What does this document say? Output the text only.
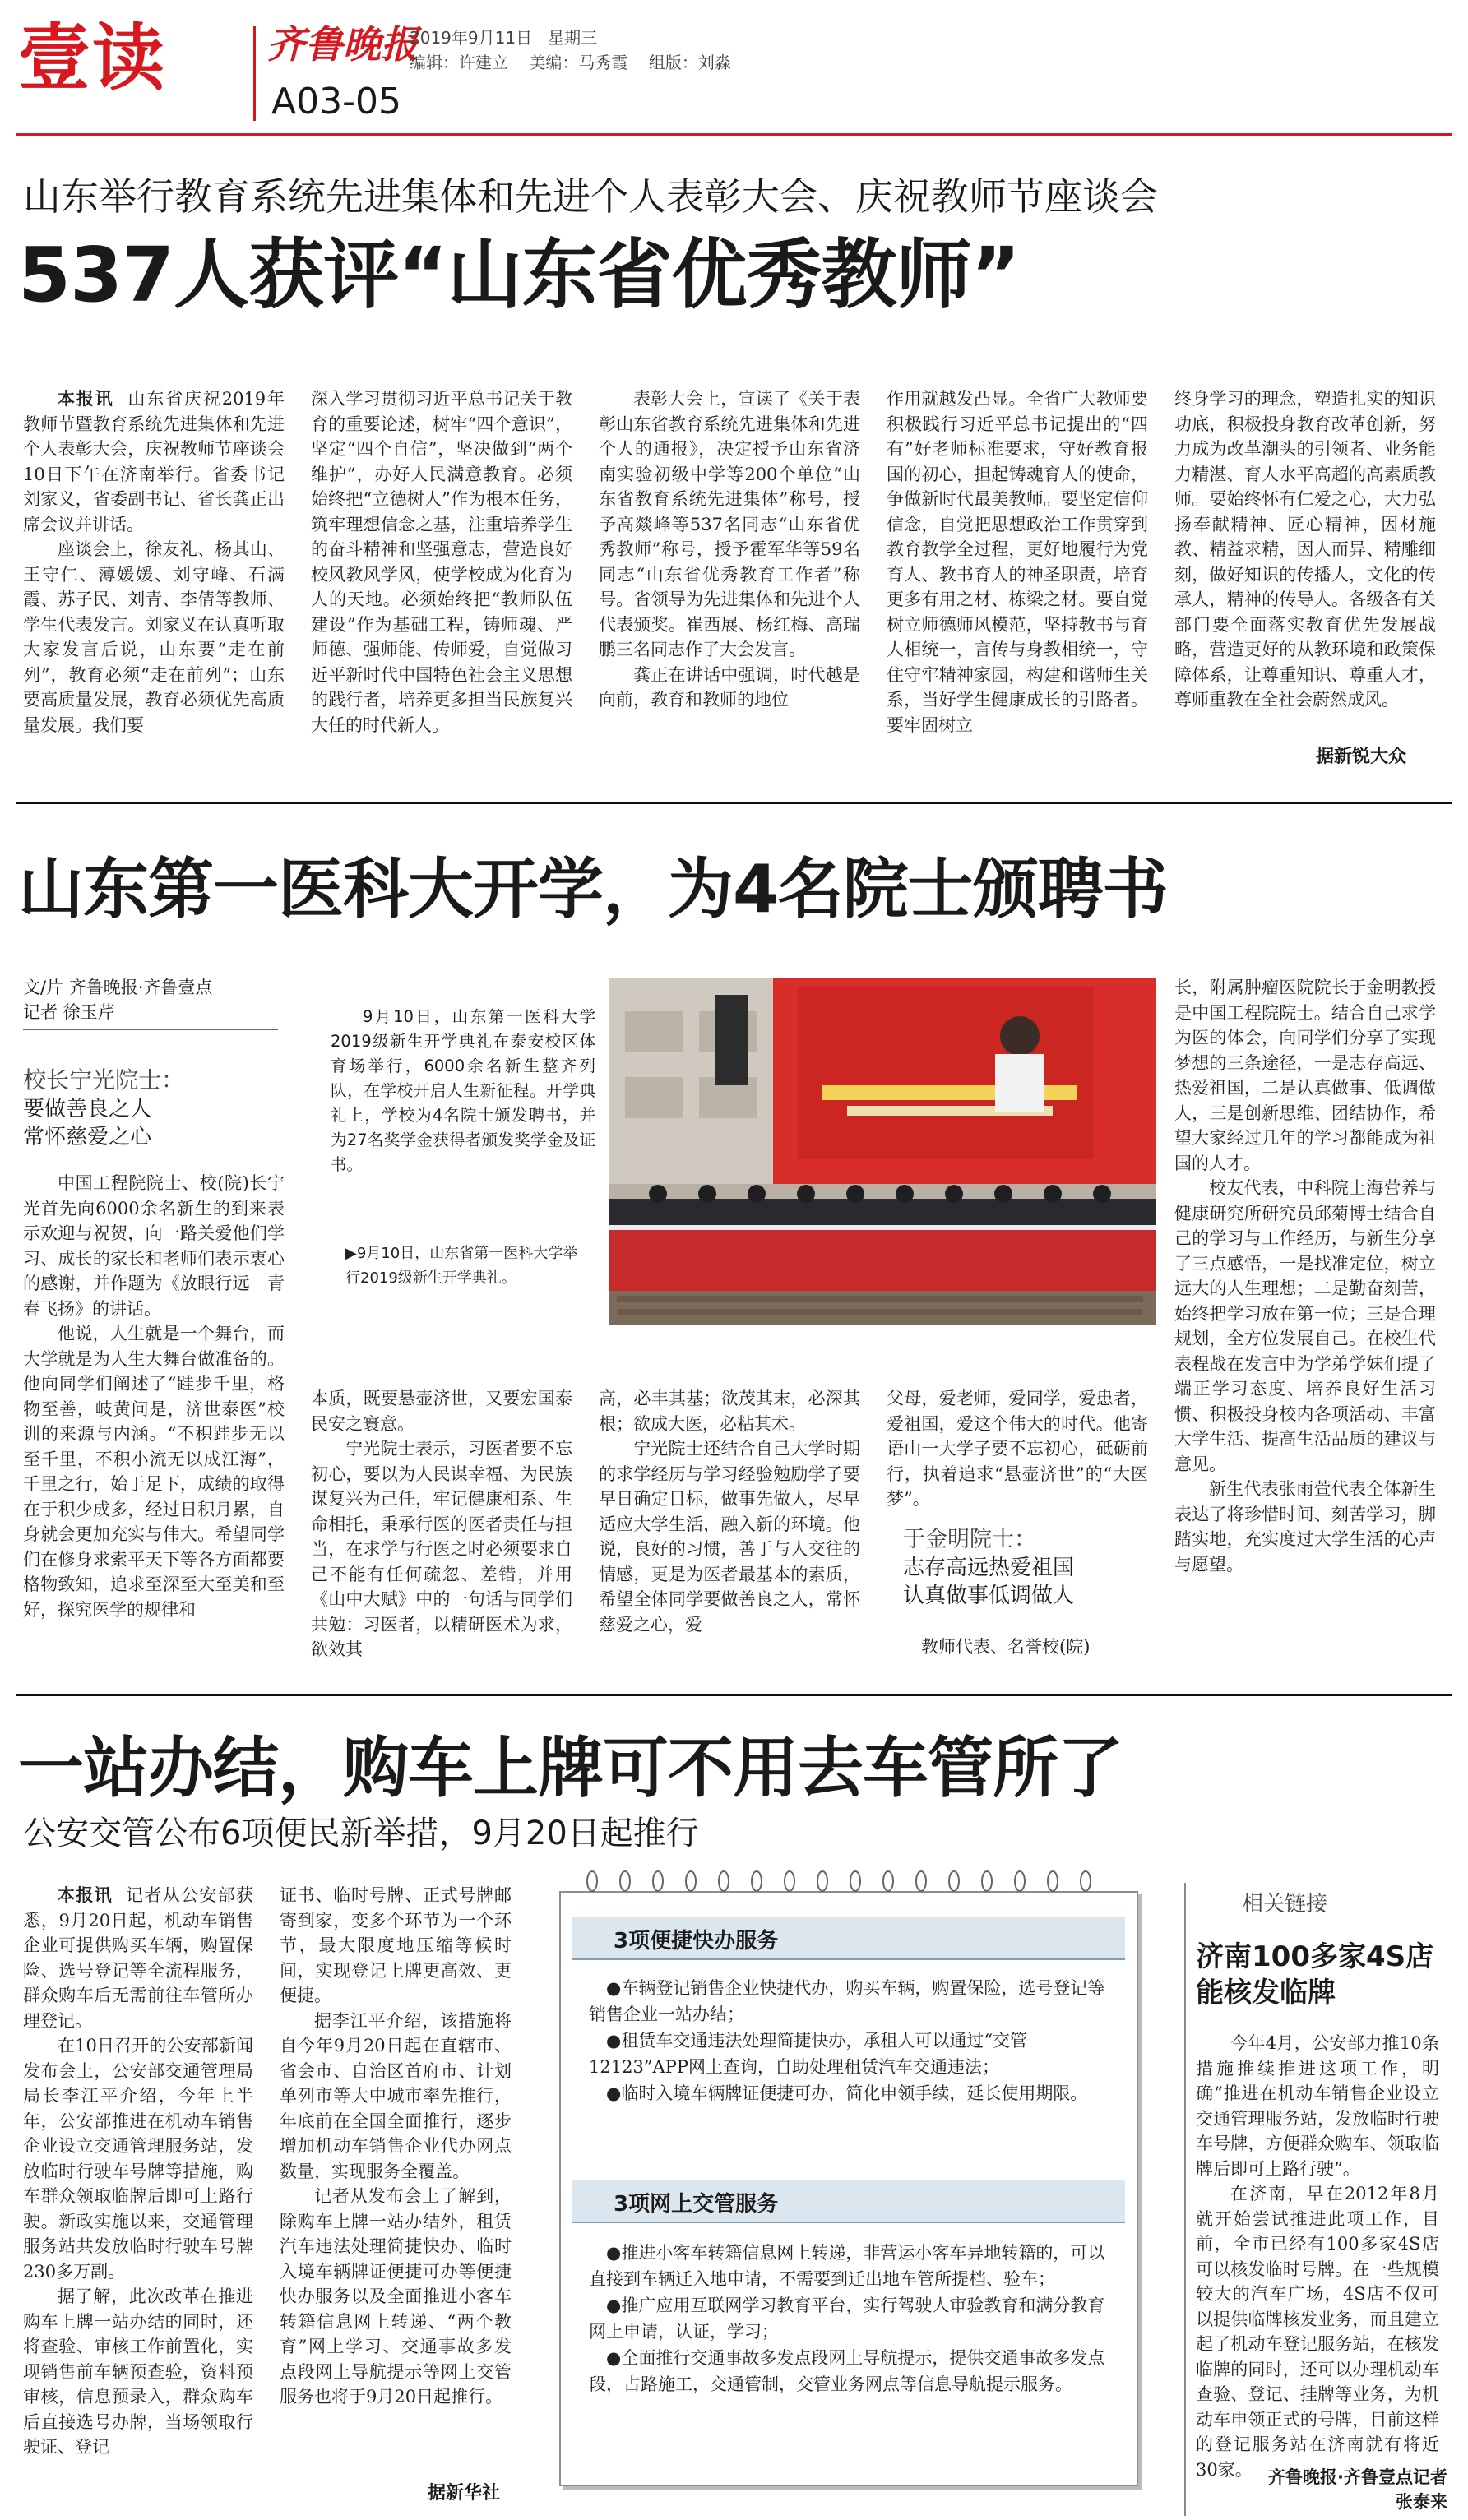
壹读	齐鲁晚报
2019年9月11日 星期三
编辑：许建立 美编：马秀霞 组版：刘淼
A03-05
山东举行教育系统先进集体和先进个人表彰大会、庆祝教师节座谈会
537人获评“山东省优秀教师”

本报讯 山东省庆祝2019年教师节暨教育系统先进集体和先进个人表彰大会，庆祝教师节座谈会10日下午在济南举行。省委书记刘家义，省委副书记、省长龚正出席会议并讲话。

座谈会上，徐友礼、杨其山、王守仁、薄媛媛、刘守峰、石满霞、苏子民、刘青、李倩等教师、学生代表发言。刘家义在认真听取大家发言后说，山东要“走在前列”，教育必须“走在前列”；山东要高质量发展，教育必须优先高质量发展。我们要

深入学习贯彻习近平总书记关于教育的重要论述，树牢“四个意识”，坚定“四个自信”，坚决做到“两个维护”，办好人民满意教育。必须始终把“立德树人”作为根本任务，筑牢理想信念之基，注重培养学生的奋斗精神和坚强意志，营造良好校风教风学风，使学校成为化育为人的天地。必须始终把“教师队伍建设”作为基础工程，铸师魂、严师德、强师能、传师爱，自觉做习近平新时代中国特色社会主义思想的践行者，培养更多担当民族复兴大任的时代新人。

表彰大会上，宣读了《关于表彰山东省教育系统先进集体和先进个人的通报》，决定授予山东省济南实验初级中学等200个单位“山东省教育系统先进集体”称号，授予高燚峰等537名同志“山东省优秀教师”称号，授予霍军华等59名同志“山东省优秀教育工作者”称号。省领导为先进集体和先进个人代表颁奖。崔西展、杨红梅、高瑞鹏三名同志作了大会发言。

龚正在讲话中强调，时代越是向前，教育和教师的地位

作用就越发凸显。全省广大教师要积极践行习近平总书记提出的“四有”好老师标准要求，守好教育报国的初心，担起铸魂育人的使命，争做新时代最美教师。要坚定信仰信念，自觉把思想政治工作贯穿到教育教学全过程，更好地履行为党育人、教书育人的神圣职责，培育更多有用之材、栋梁之材。要自觉树立师德师风模范，坚持教书与育人相统一，言传与身教相统一，守住守牢精神家园，构建和谐师生关系，当好学生健康成长的引路者。要牢固树立

终身学习的理念，塑造扎实的知识功底，积极投身教育改革创新，努力成为改革潮头的引领者、业务能力精湛、育人水平高超的高素质教师。要始终怀有仁爱之心，大力弘扬奉献精神、匠心精神，因材施教、精益求精，因人而异、精雕细刻，做好知识的传播人，文化的传承人，精神的传导人。各级各有关部门要全面落实教育优先发展战略，营造更好的从教环境和政策保障体系，让尊重知识、尊重人才，尊师重教在全社会蔚然成风。

据新锐大众
山东第一医科大开学，为4名院士颁聘书
文/片 齐鲁晚报·齐鲁壹点
记者 徐玉芹
校长宁光院士：
要做善良之人
常怀慈爱之心

中国工程院院士、校(院)长宁光首先向6000余名新生的到来表示欢迎与祝贺，向一路关爱他们学习、成长的家长和老师们表示衷心的感谢，并作题为《放眼行远　青春飞扬》的讲话。

他说，人生就是一个舞台，而大学就是为人生大舞台做准备的。他向同学们阐述了“跬步千里，格物至善，岐黄问是，济世泰医”校训的来源与内涵。“不积跬步无以至千里，不积小流无以成江海”，千里之行，始于足下，成绩的取得在于积少成多，经过日积月累，自身就会更加充实与伟大。希望同学们在修身求索平天下等各方面都要格物致知，追求至深至大至美和至好，探究医学的规律和

9月10日，山东第一医科大学2019级新生开学典礼在泰安校区体育场举行，6000余名新生整齐列队，在学校开启人生新征程。开学典礼上，学校为4名院士颁发聘书，并为27名奖学金获得者颁发奖学金及证书。
▶9月10日，山东省第一医科大学举行2019级新生开学典礼。

本质，既要悬壶济世，又要宏国泰民安之寰意。

宁光院士表示，习医者要不忘初心，要以为人民谋幸福、为民族谋复兴为己任，牢记健康相系、生命相托，秉承行医的医者责任与担当，在求学与行医之时必须要求自己不能有任何疏忽、差错，并用《山中大赋》中的一句话与同学们共勉：习医者，以精研医术为求，欲效其

高，必丰其基；欲茂其末，必深其根；欲成大医，必粘其术。

宁光院士还结合自己大学时期的求学经历与学习经验勉励学子要早日确定目标，做事先做人，尽早适应大学生活，融入新的环境。他说，良好的习惯，善于与人交往的情感，更是为医者最基本的素质，希望全体同学要做善良之人，常怀慈爱之心，爱

父母，爱老师，爱同学，爱患者，爱祖国，爱这个伟大的时代。他寄语山一大学子要不忘初心，砥砺前行，执着追求“悬壶济世”的“大医梦”。

于金明院士：
志存高远热爱祖国
认真做事低调做人

教师代表、名誉校(院)

长，附属肿瘤医院院长于金明教授是中国工程院院士。结合自己求学为医的体会，向同学们分享了实现梦想的三条途径，一是志存高远、热爱祖国，二是认真做事、低调做人，三是创新思维、团结协作，希望大家经过几年的学习都能成为祖国的人才。

校友代表，中科院上海营养与健康研究所研究员邱菊博士结合自己的学习与工作经历，与新生分享了三点感悟，一是找准定位，树立远大的人生理想；二是勤奋刻苦，始终把学习放在第一位；三是合理规划，全方位发展自己。在校生代表程战在发言中为学弟学妹们提了端正学习态度、培养良好生活习惯、积极投身校内各项活动、丰富大学生活、提高生活品质的建议与意见。

新生代表张雨萱代表全体新生表达了将珍惜时间、刻苦学习，脚踏实地，充实度过大学生活的心声与愿望。

一站办结，购车上牌可不用去车管所了
公安交管公布6项便民新举措，9月20日起推行

本报讯 记者从公安部获悉，9月20日起，机动车销售企业可提供购买车辆，购置保险、选号登记等全流程服务，群众购车后无需前往车管所办理登记。

在10日召开的公安部新闻发布会上，公安部交通管理局局长李江平介绍，今年上半年，公安部推进在机动车销售企业设立交通管理服务站，发放临时行驶车号牌等措施，购车群众领取临牌后即可上路行驶。新政实施以来，交通管理服务站共发放临时行驶车号牌230多万副。

据了解，此次改革在推进购车上牌一站办结的同时，还将查验、审核工作前置化，实现销售前车辆预查验，资料预审核，信息预录入，群众购车后直接选号办牌，当场领取行驶证、登记

证书、临时号牌、正式号牌邮寄到家，变多个环节为一个环节，最大限度地压缩等候时间，实现登记上牌更高效、更便捷。

据李江平介绍，该措施将自今年9月20日起在直辖市、省会市、自治区首府市、计划单列市等大中城市率先推行，年底前在全国全面推行，逐步增加机动车销售企业代办网点数量，实现服务全覆盖。

记者从发布会上了解到，除购车上牌一站办结外，租赁汽车违法处理简捷快办、临时入境车辆牌证便捷可办等便捷快办服务以及全面推进小客车转籍信息网上转递、“两个教育”网上学习、交通事故多发点段网上导航提示等网上交管服务也将于9月20日起推行。

据新华社
3项便捷快办服务
●车辆登记销售企业快捷代办，购买车辆，购置保险，选号登记等销售企业一站办结；
●租赁车交通违法处理简捷快办，承租人可以通过“交管12123”APP网上查询，自助处理租赁汽车交通违法；
●临时入境车辆牌证便捷可办，简化申领手续，延长使用期限。
3项网上交管服务
●推进小客车转籍信息网上转递，非营运小客车异地转籍的，可以直接到车辆迁入地申请，不需要到迁出地车管所提档、验车；
●推广应用互联网学习教育平台，实行驾驶人审验教育和满分教育网上申请，认证，学习；
●全面推行交通事故多发点段网上导航提示，提供交通事故多发点段，占路施工，交通管制，交管业务网点等信息导航提示服务。
相关链接
济南100多家4S店
能核发临牌

今年4月，公安部力推10条措施推续推进这项工作，明确“推进在机动车销售企业设立交通管理服务站，发放临时行驶车号牌，方便群众购车、领取临牌后即可上路行驶”。

在济南，早在2012年8月就开始尝试推进此项工作，目前，全市已经有100多家4S店可以核发临时号牌。在一些规模较大的汽车广场，4S店不仅可以提供临牌核发业务，而且建立起了机动车登记服务站，在核发临牌的同时，还可以办理机动车查验、登记、挂牌等业务，为机动车申领正式的号牌，目前这样的登记服务站在济南就有将近30家。 齐鲁晚报·齐鲁壹点记者 张泰来
